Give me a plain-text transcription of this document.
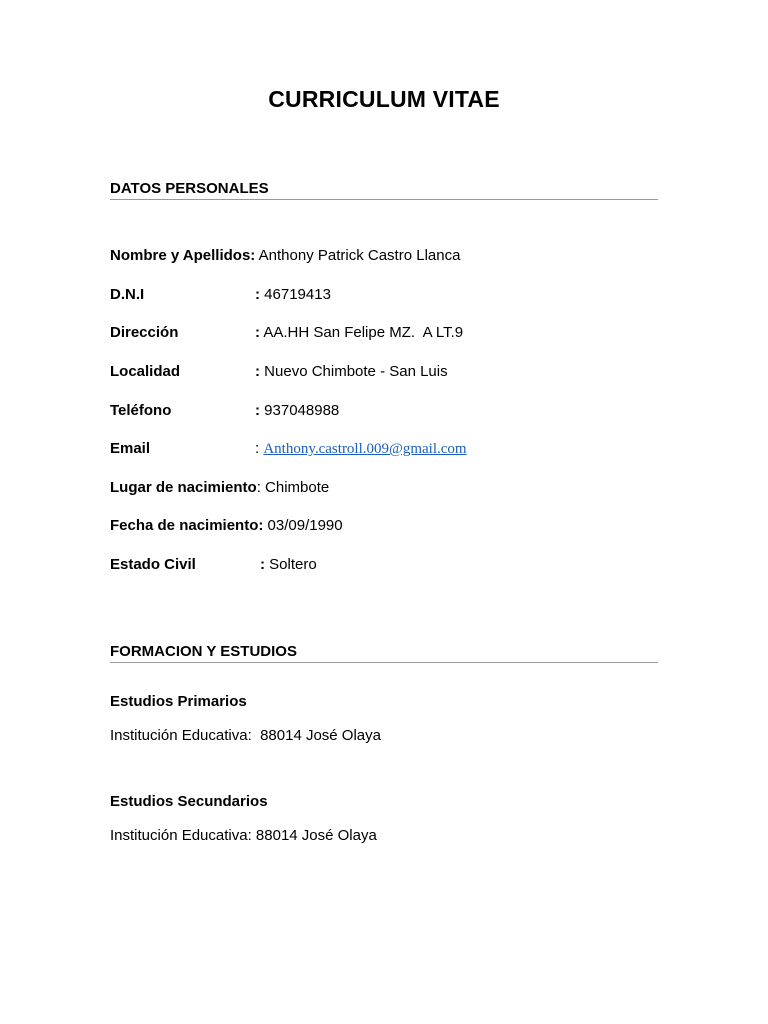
CURRICULUM VITAE
DATOS PERSONALES
Nombre y Apellidos: Anthony Patrick Castro Llanca
D.N.I	: 46719413
Dirección	: AA.HH San Felipe MZ.  A LT.9
Localidad	: Nuevo Chimbote - San Luis
Teléfono	: 937048988
Email	: Anthony.castroll.009@gmail.com
Lugar de nacimiento: Chimbote
Fecha de nacimiento: 03/09/1990
Estado Civil	: Soltero
FORMACION Y ESTUDIOS
Estudios Primarios
Institución Educativa:  88014 José Olaya
Estudios Secundarios
Institución Educativa: 88014 José Olaya
